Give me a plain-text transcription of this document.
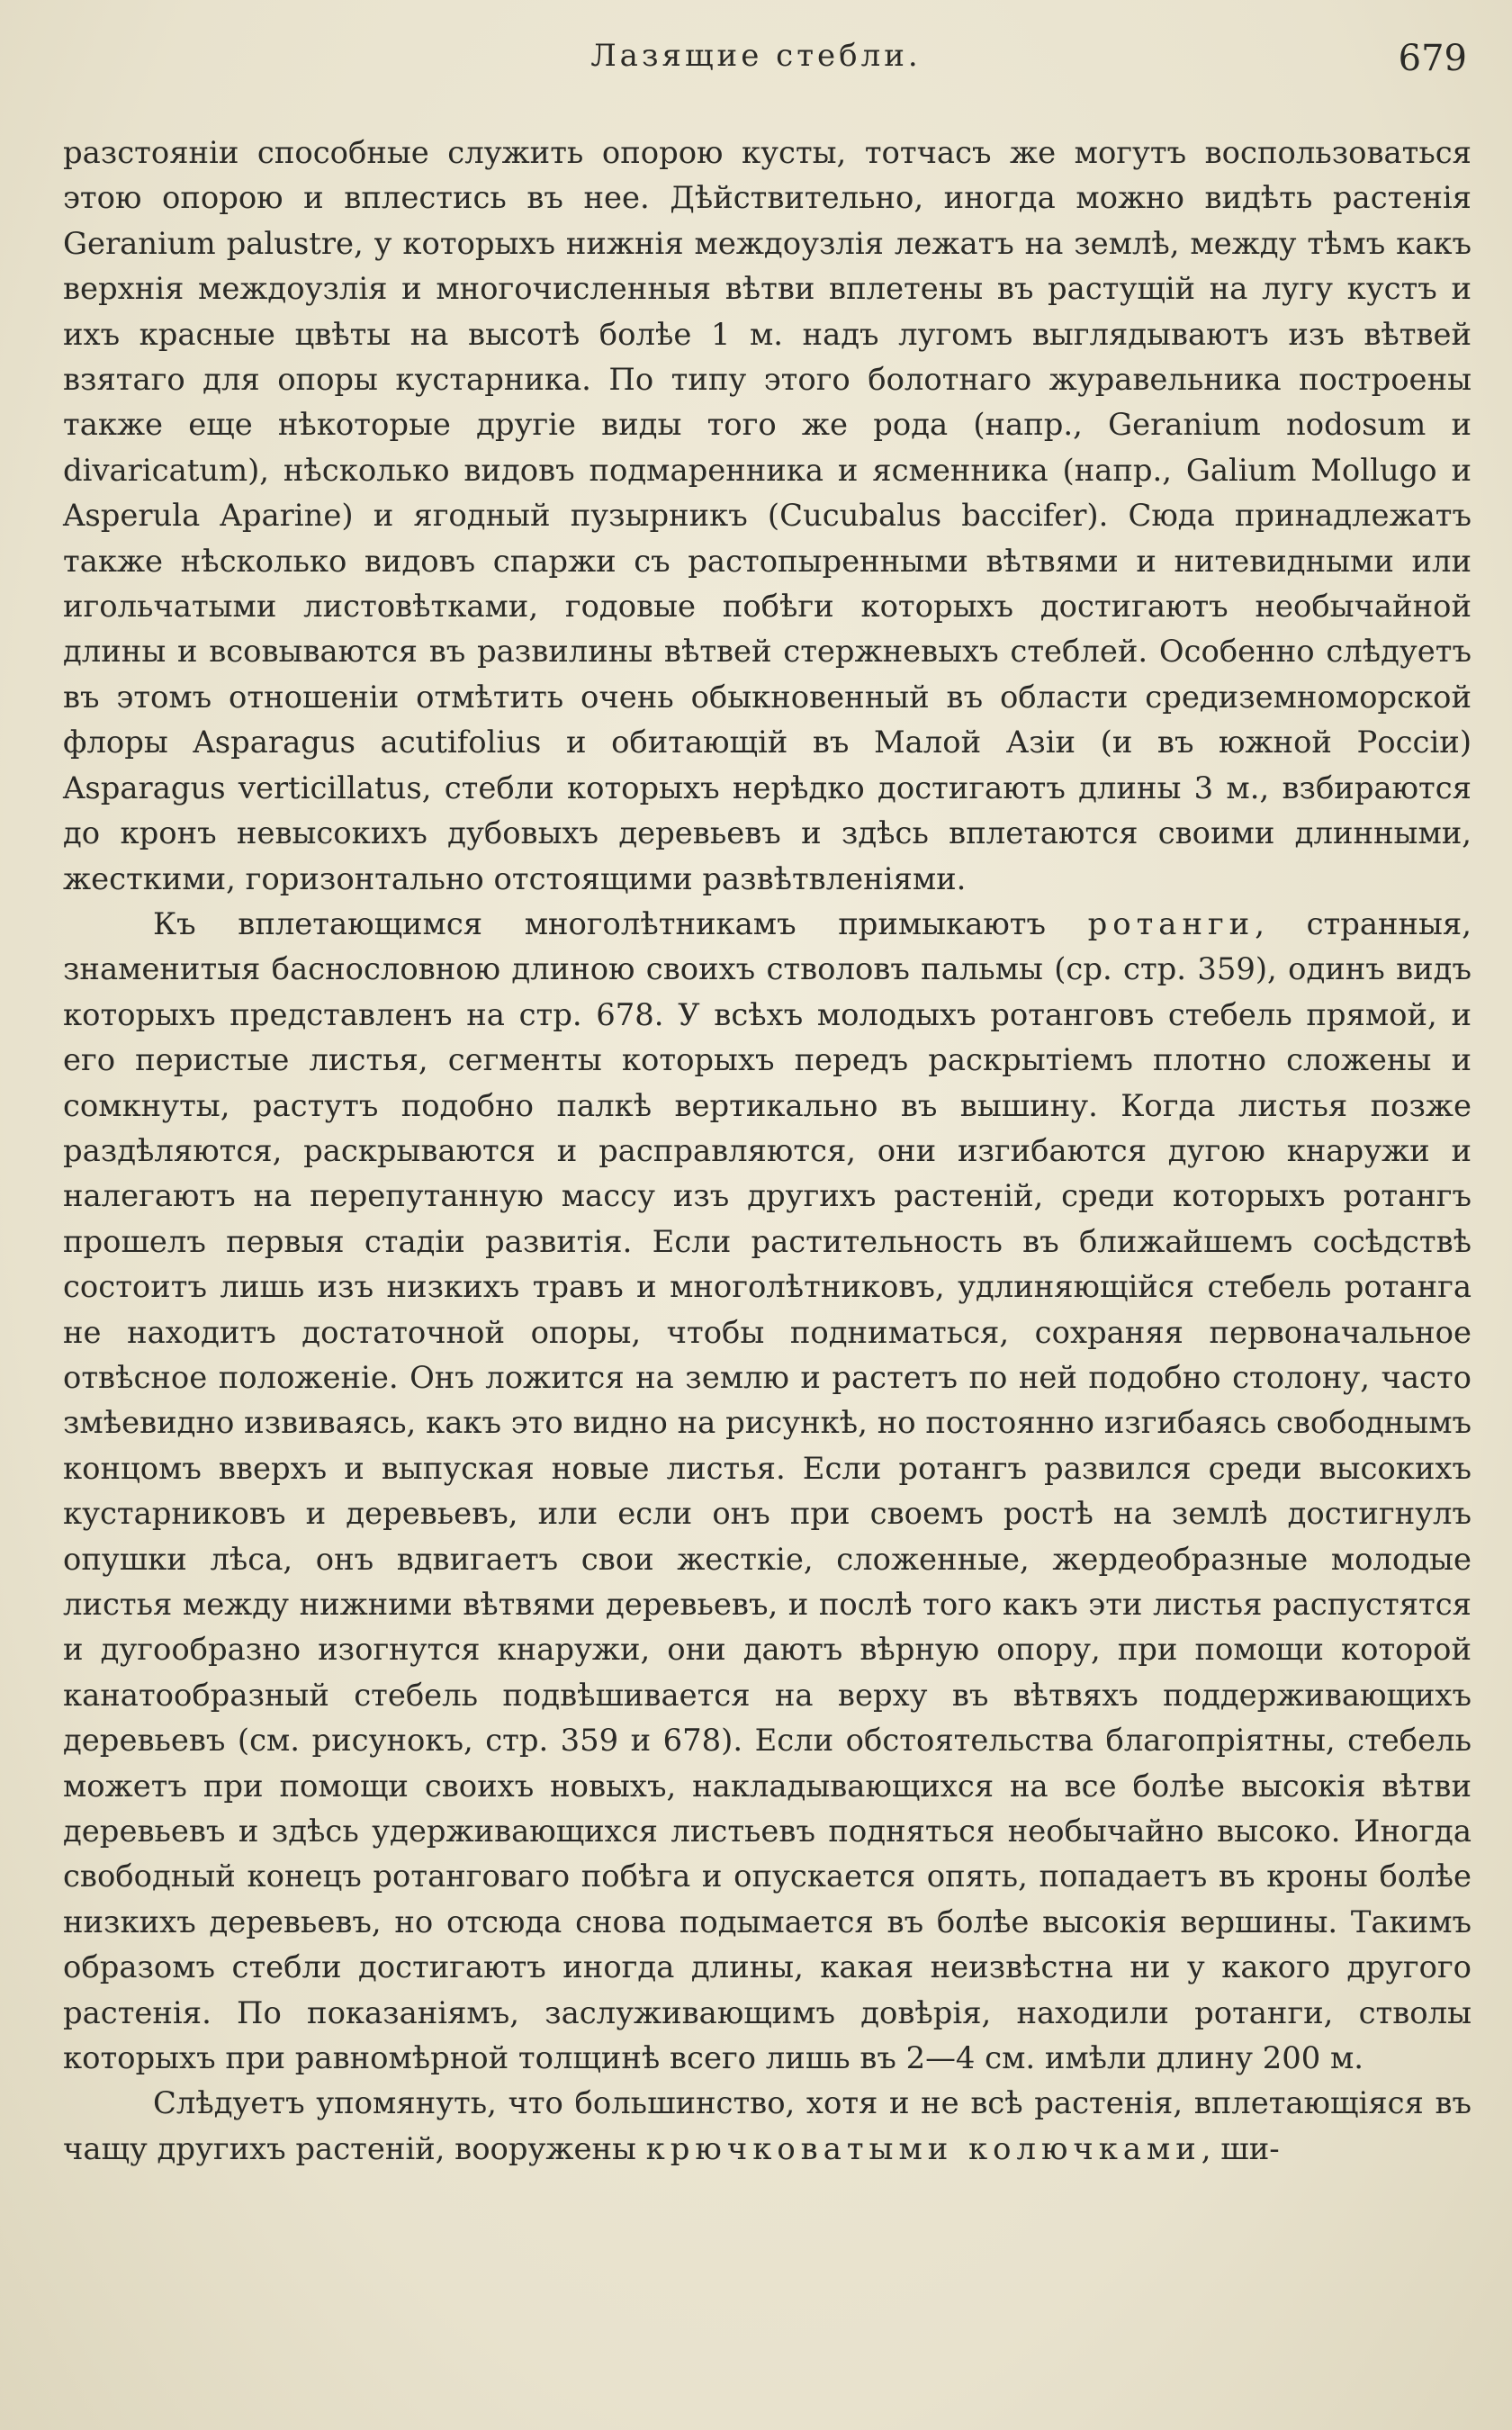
Лазящие стебли.	679

разстояніи способные служить опорою кусты, тотчасъ же могутъ воспользоваться этою опорою и вплестись въ нее. Дѣйствительно, иногда можно видѣть растенія Geranium palustre, у которыхъ нижнія междоузлія лежатъ на землѣ, между тѣмъ какъ верхнія междоузлія и многочисленныя вѣтви вплетены въ растущій на лугу кустъ и ихъ красные цвѣты на высотѣ болѣе 1 м. надъ лугомъ выглядываютъ изъ вѣтвей взятаго для опоры кустарника. По типу этого болотнаго журавельника построены также еще нѣкоторые другіе виды того же рода (напр., Geranium nodosum и divaricatum), нѣсколько видовъ подмаренника и ясменника (напр., Galium Mollugo и Asperula Aparine) и ягодный пузырникъ (Cucubalus baccifer). Сюда принадлежатъ также нѣсколько видовъ спаржи съ растопыренными вѣтвями и нитевидными или игольчатыми листовѣтками, годовые побѣги которыхъ достигаютъ необычайной длины и всовываются въ развилины вѣтвей стержневыхъ стеблей. Особенно слѣдуетъ въ этомъ отношеніи отмѣтить очень обыкновенный въ области средиземноморской флоры Asparagus acutifolius и обитающій въ Малой Азіи (и въ южной Россіи) Asparagus verticillatus, стебли которыхъ нерѣдко достигаютъ длины 3 м., взбираются до кронъ невысокихъ дубовыхъ деревьевъ и здѣсь вплетаются своими длинными, жесткими, горизонтально отстоящими развѣтвленіями.

Къ вплетающимся многолѣтникамъ примыкаютъ ротанги, странныя, знаменитыя баснословною длиною своихъ стволовъ пальмы (ср. стр. 359), одинъ видъ которыхъ представленъ на стр. 678. У всѣхъ молодыхъ ротанговъ стебель прямой, и его перистые листья, сегменты которыхъ передъ раскрытіемъ плотно сложены и сомкнуты, растутъ подобно палкѣ вертикально въ вышину. Когда листья позже раздѣляются, раскрываются и расправляются, они изгибаются дугою кнаружи и налегаютъ на перепутанную массу изъ другихъ растеній, среди которыхъ ротангъ прошелъ первыя стадіи развитія. Если растительность въ ближайшемъ сосѣдствѣ состоитъ лишь изъ низкихъ травъ и многолѣтниковъ, удлиняющійся стебель ротанга не находитъ достаточной опоры, чтобы подниматься, сохраняя первоначальное отвѣсное положеніе. Онъ ложится на землю и растетъ по ней подобно столону, часто змѣевидно извиваясь, какъ это видно на рисункѣ, но постоянно изгибаясь свободнымъ концомъ вверхъ и выпуская новые листья. Если ротангъ развился среди высокихъ кустарниковъ и деревьевъ, или если онъ при своемъ ростѣ на землѣ достигнулъ опушки лѣса, онъ вдвигаетъ свои жесткіе, сложенные, жердеобразные молодые листья между нижними вѣтвями деревьевъ, и послѣ того какъ эти листья распустятся и дугообразно изогнутся кнаружи, они даютъ вѣрную опору, при помощи которой канатообразный стебель подвѣшивается на верху въ вѣтвяхъ поддерживающихъ деревьевъ (см. рисунокъ, стр. 359 и 678). Если обстоятельства благопріятны, стебель можетъ при помощи своихъ новыхъ, накладывающихся на все болѣе высокія вѣтви деревьевъ и здѣсь удерживающихся листьевъ подняться необычайно высоко. Иногда свободный конецъ ротанговаго побѣга и опускается опять, попадаетъ въ кроны болѣе низкихъ деревьевъ, но отсюда снова подымается въ болѣе высокія вершины. Такимъ образомъ стебли достигаютъ иногда длины, какая неизвѣстна ни у какого другого растенія. По показаніямъ, заслуживающимъ довѣрія, находили ротанги, стволы которыхъ при равномѣрной толщинѣ всего лишь въ 2—4 см. имѣли длину 200 м.

Слѣдуетъ упомянуть, что большинство, хотя и не всѣ растенія, вплетающіяся въ чащу другихъ растеній, вооружены крючковатыми колючками, ши-
